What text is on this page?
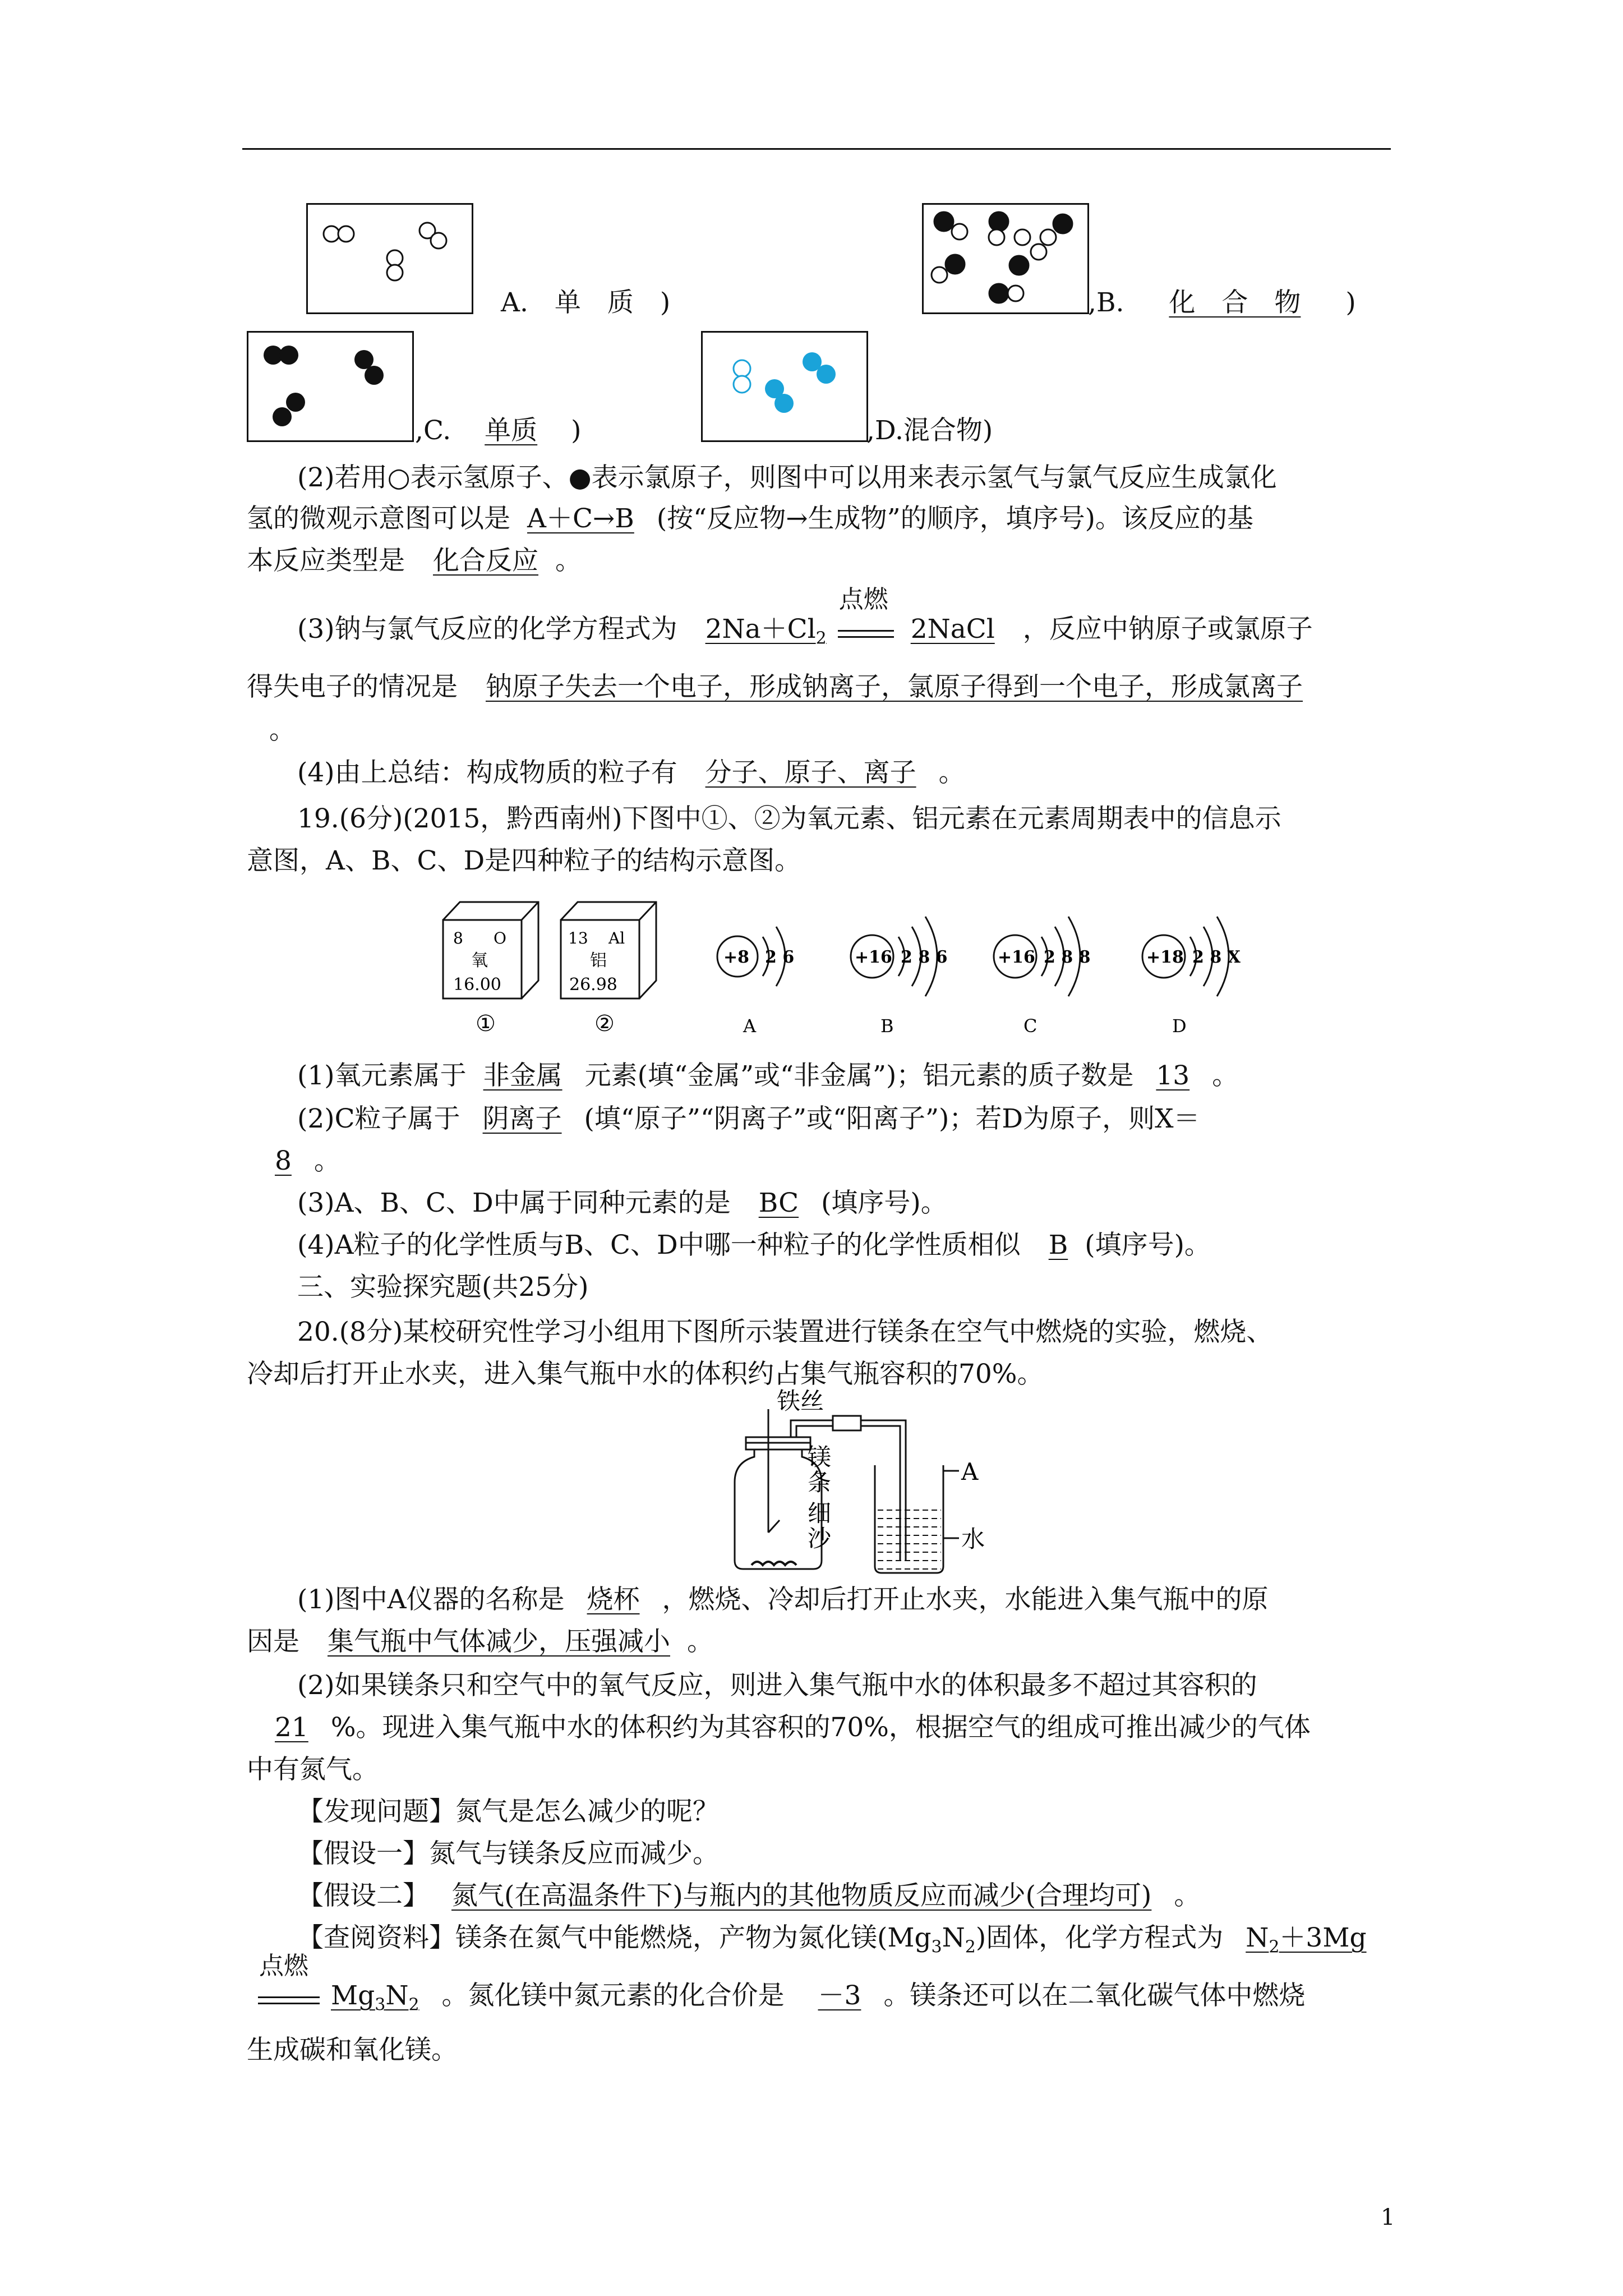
A.　单　质　)	,B. 化　合　物 )
,C. 单质 )	,D.混合物)
(2)若用○表示氢原子、●表示氯原子，则图中可以用来表示氢气与氯气反应生成氯化
氢的微观示意图可以是 A＋C→B (按“反应物→生成物”的顺序，填序号)。该反应的基
本反应类型是 化合反应 。
(3)钠与氯气反应的化学方程式为 $2Na+Cl_2$
点燃
2NaCl ，反应中钠原子或氯原子
得失电子的情况是 钠原子失去一个电子，形成钠离子，氯原子得到一个电子，形成氯离子
。
(4)由上总结：构成物质的粒子有 分子、原子、离子 。
19.(6分)(2015，黔西南州)下图中①、②为氧元素、铝元素在元素周期表中的信息示
意图，A、B、C、D是四种粒子的结构示意图。
8 O
氧
16.00
①
13 Al
铝
26.98
②
+8 2 6
A
+16 2 8 6
B
+16 2 8 8
C
+18 2 8 X
D
(1)氧元素属于 非金属 元素(填“金属”或“非金属”)；铝元素的质子数是 13 。
(2)C粒子属于 阴离子 (填“原子”“阴离子”或“阳离子”)；若D为原子，则X＝
8 。
(3)A、B、C、D中属于同种元素的是 BC (填序号)。
(4)A粒子的化学性质与B、C、D中哪一种粒子的化学性质相似 B (填序号)。
三、实验探究题(共25分)
20.(8分)某校研究性学习小组用下图所示装置进行镁条在空气中燃烧的实验，燃烧、
冷却后打开止水夹，进入集气瓶中水的体积约占集气瓶容积的70%。
铁丝
镁
条
细
沙
A
水
(1)图中A仪器的名称是 烧杯 ，燃烧、冷却后打开止水夹，水能进入集气瓶中的原
因是 集气瓶中气体减少，压强减小 。
(2)如果镁条只和空气中的氧气反应，则进入集气瓶中水的体积最多不超过其容积的
21 %。现进入集气瓶中水的体积约为其容积的70%，根据空气的组成可推出减少的气体
中有氮气。
【发现问题】氮气是怎么减少的呢？
【假设一】氮气与镁条反应而减少。
【假设二】 氮气(在高温条件下)与瓶内的其他物质反应而减少(合理均可) 。
【查阅资料】镁条在氮气中能燃烧，产物为氮化镁$(Mg_3N_2)$固体，化学方程式为 $N_2+3Mg$
点燃
$Mg_3N_2$ 。氮化镁中氮元素的化合价是 －3 。镁条还可以在二氧化碳气体中燃烧
生成碳和氧化镁。
1
